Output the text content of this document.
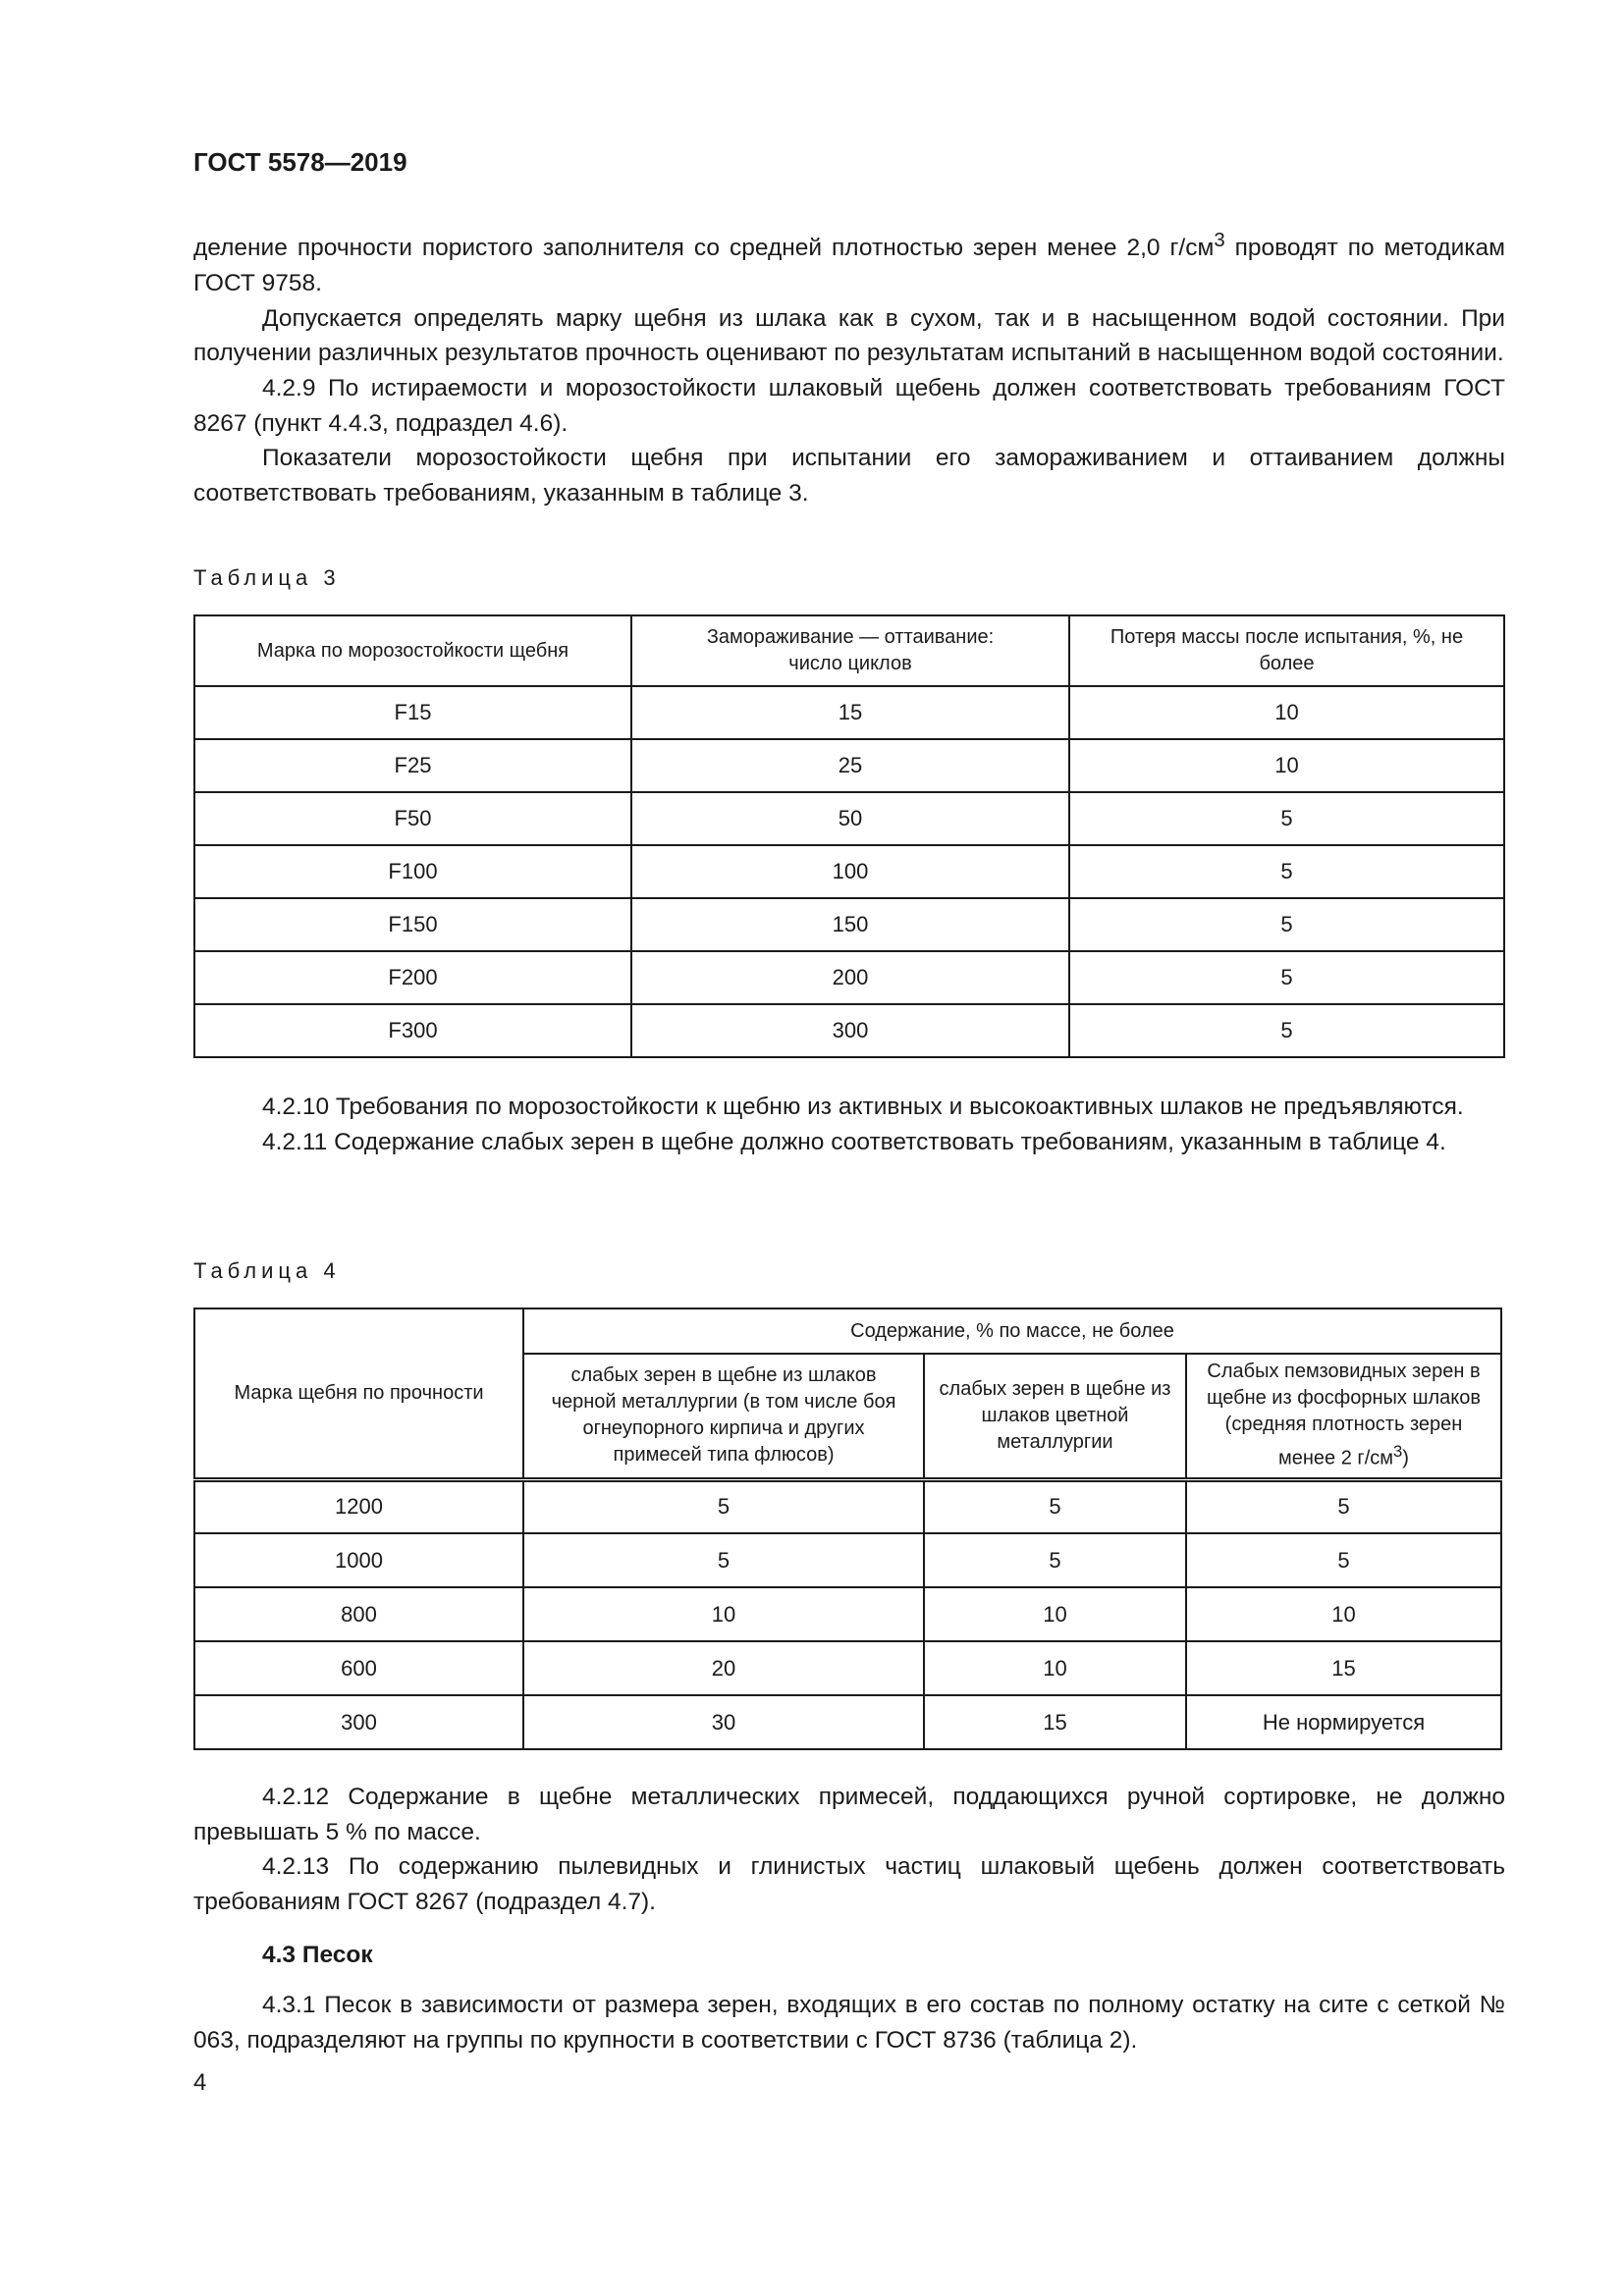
ГОСТ 5578—2019
деление прочности пористого заполнителя со средней плотностью зерен менее 2,0 $г/см^3$ проводят по методикам ГОСТ 9758.
Допускается определять марку щебня из шлака как в сухом, так и в насыщенном водой состоянии. При получении различных результатов прочность оценивают по результатам испытаний в насыщенном водой состоянии.
4.2.9 По истираемости и морозостойкости шлаковый щебень должен соответствовать требованиям ГОСТ 8267 (пункт 4.4.3, подраздел 4.6).
Показатели морозостойкости щебня при испытании его замораживанием и оттаиванием должны соответствовать требованиям, указанным в таблице 3.
Таблица 3
Марка по морозостойкости щебня	Замораживание — оттаивание: число циклов	Потеря массы после испытания, %, не более
F15	15	10
F25	25	10
F50	50	5
F100	100	5
F150	150	5
F200	200	5
F300	300	5
4.2.10 Требования по морозостойкости к щебню из активных и высокоактивных шлаков не предъявляются.
4.2.11 Содержание слабых зерен в щебне должно соответствовать требованиям, указанным в таблице 4.
Таблица 4
Марка щебня по прочности	Содержание, % по массе, не более		
	слабых зерен в щебне из шлаков черной металлургии (в том числе боя огнеупорного кирпича и других примесей типа флюсов)	слабых зерен в щебне из шлаков цветной металлургии	Слабых пемзовидных зерен в щебне из фосфорных шлаков (средняя плотность зерен менее 2 $г/см^3$)
1200	5	5	5
1000	5	5	5
800	10	10	10
600	20	10	15
300	30	15	Не нормируется
4.2.12 Содержание в щебне металлических примесей, поддающихся ручной сортировке, не должно превышать 5 % по массе.
4.2.13 По содержанию пылевидных и глинистых частиц шлаковый щебень должен соответствовать требованиям ГОСТ 8267 (подраздел 4.7).
4.3 Песок
4.3.1 Песок в зависимости от размера зерен, входящих в его состав по полному остатку на сите с сеткой № 063, подразделяют на группы по крупности в соответствии с ГОСТ 8736 (таблица 2).
4
